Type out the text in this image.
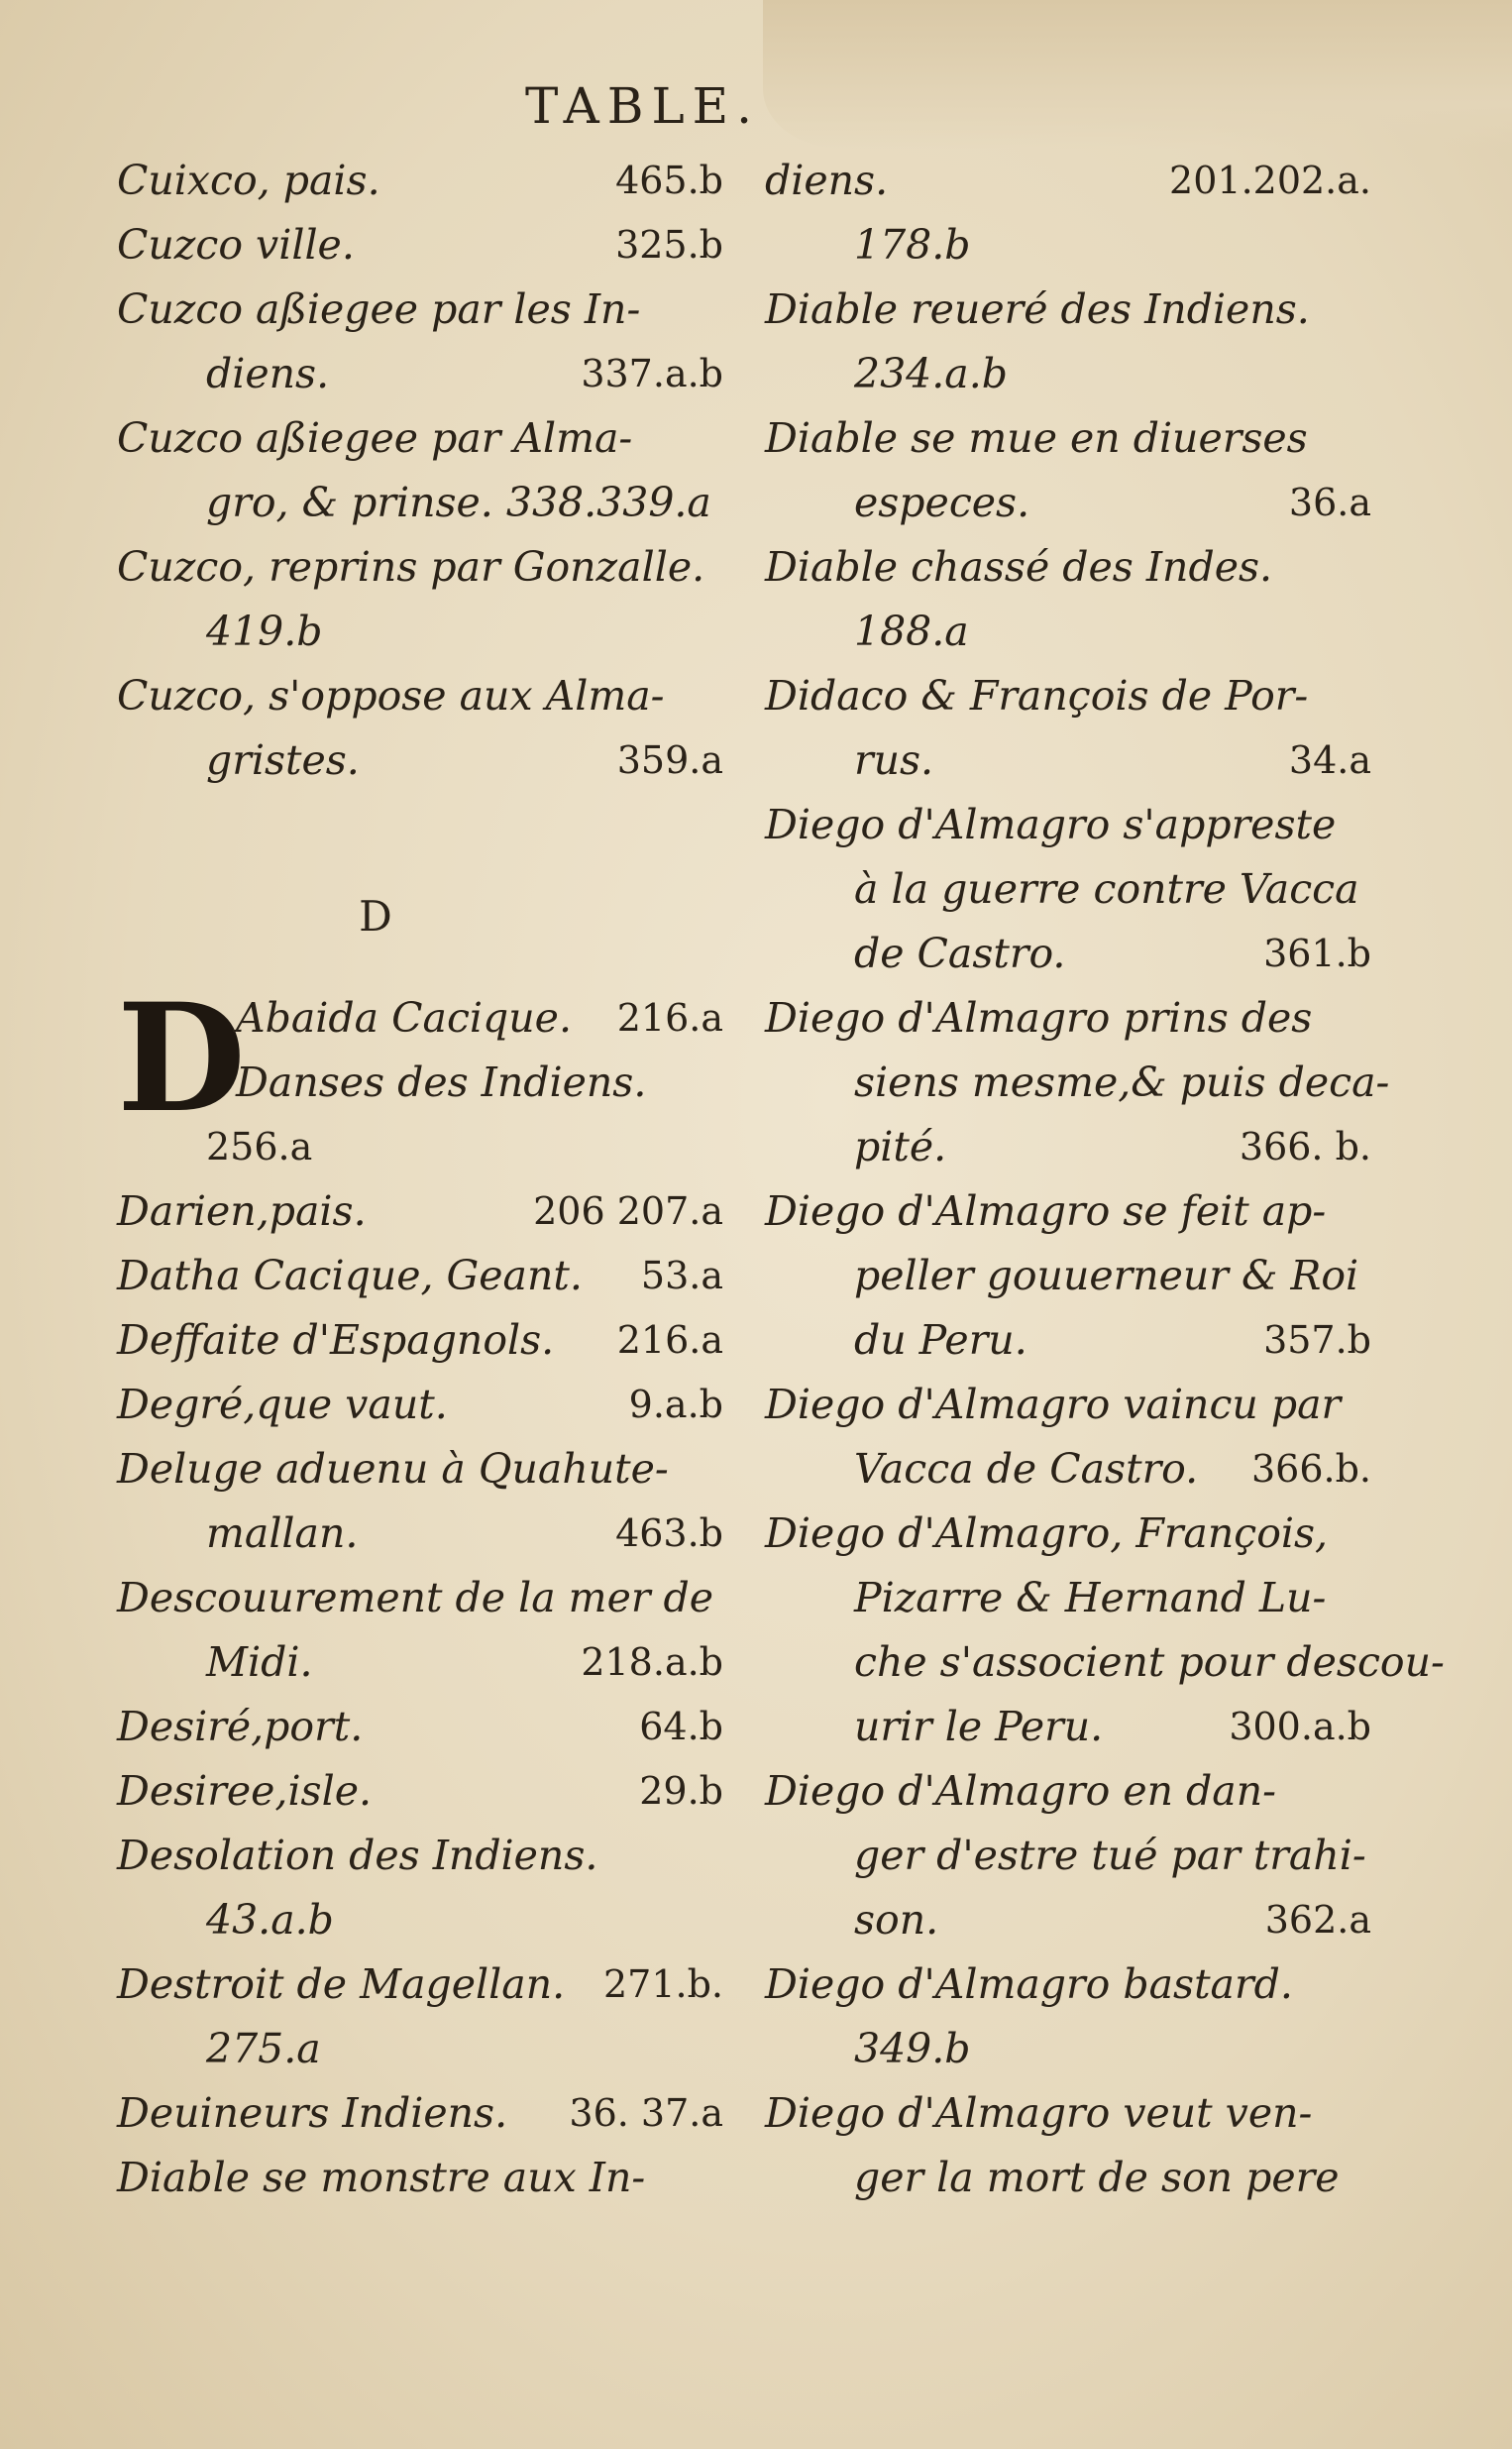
TABLE.
Cuixco, pais.	465.b
Cuzco ville.	325.b
Cuzco aßiegee par les In-
diens.	337.a.b
Cuzco aßiegee par Alma-
gro, & prinse. 338.339.a
Cuzco, reprins par Gonzalle.
419.b
Cuzco, s'oppose aux Alma-
gristes.	359.a
D
D
Abaida Cacique. 216.a
Danses des Indiens.
256.a
Darien,pais.	206 207.a
Datha Cacique, Geant. 53.a
Deffaite d'Espagnols. 216.a
Degré,que vaut.	9.a.b
Deluge aduenu à Quahute-
mallan.	463.b
Descouurement de la mer de
Midi.	218.a.b
Desiré,port.	64.b
Desiree,isle.	29.b
Desolation des Indiens.
43.a.b
Destroit de Magellan. 271.b.
275.a
Deuineurs Indiens. 36. 37.a
Diable se monstre aux In-
diens.	201.202.a.
178.b
Diable reueré des Indiens.
234.a.b
Diable se mue en diuerses
especes.	36.a
Diable chassé des Indes.
188.a
Didaco & François de Por-
rus.	34.a
Diego d'Almagro s'appreste
à la guerre contre Vacca
de Castro.	361.b
Diego d'Almagro prins des
siens mesme,& puis deca-
pité.	366. b.
Diego d'Almagro se feit ap-
peller gouuerneur & Roi
du Peru.	357.b
Diego d'Almagro vaincu par
Vacca de Castro. 366.b.
Diego d'Almagro, François,
Pizarre & Hernand Lu-
che s'associent pour descou-
urir le Peru.	300.a.b
Diego d'Almagro en dan-
ger d'estre tué par trahi-
son.	362.a
Diego d'Almagro bastard.
349.b
Diego d'Almagro veut ven-
ger la mort de son pere
